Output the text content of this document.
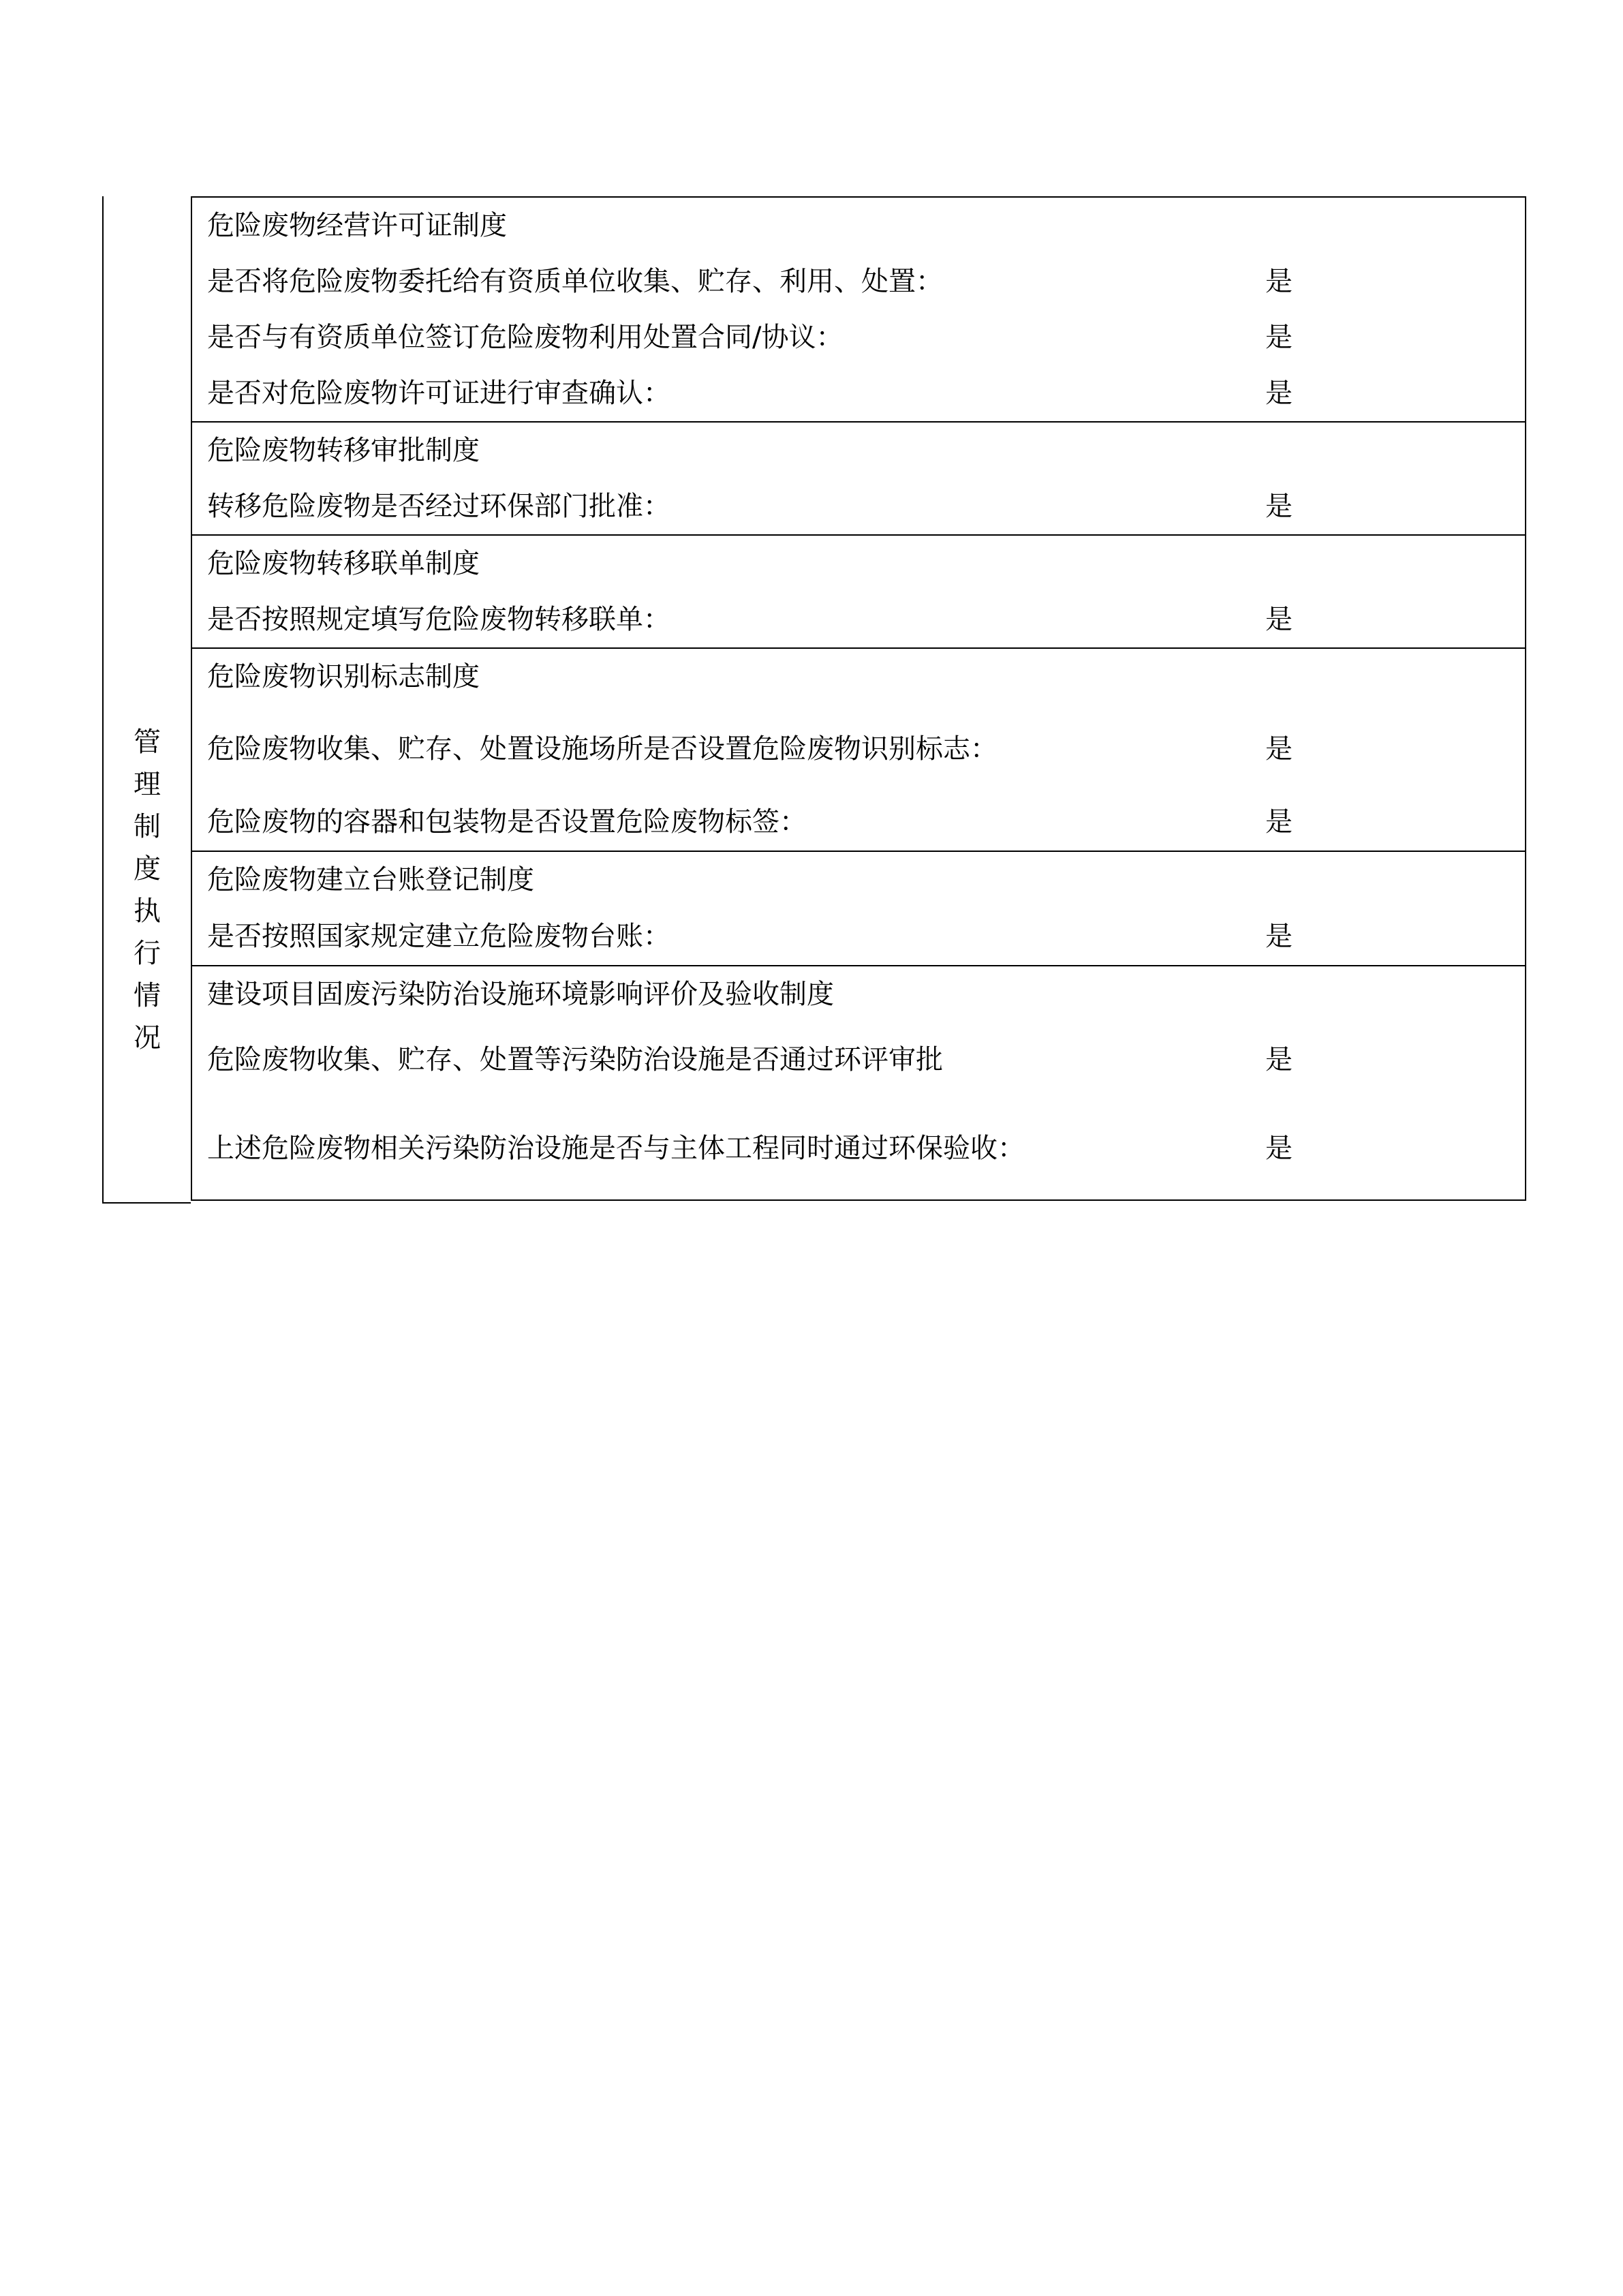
管
理
制
度
执
行
情
况
危险废物经营许可证制度
是否将危险废物委托给有资质单位收集、贮存、利用、处置：	是
是否与有资质单位签订危险废物利用处置合同/协议：	是
是否对危险废物许可证进行审查确认：	是
危险废物转移审批制度
转移危险废物是否经过环保部门批准：	是
危险废物转移联单制度
是否按照规定填写危险废物转移联单：	是
危险废物识别标志制度
危险废物收集、贮存、处置设施场所是否设置危险废物识别标志：	是
危险废物的容器和包装物是否设置危险废物标签：	是
危险废物建立台账登记制度
是否按照国家规定建立危险废物台账：	是
建设项目固废污染防治设施环境影响评价及验收制度
危险废物收集、贮存、处置等污染防治设施是否通过环评审批	是
上述危险废物相关污染防治设施是否与主体工程同时通过环保验收：	是
